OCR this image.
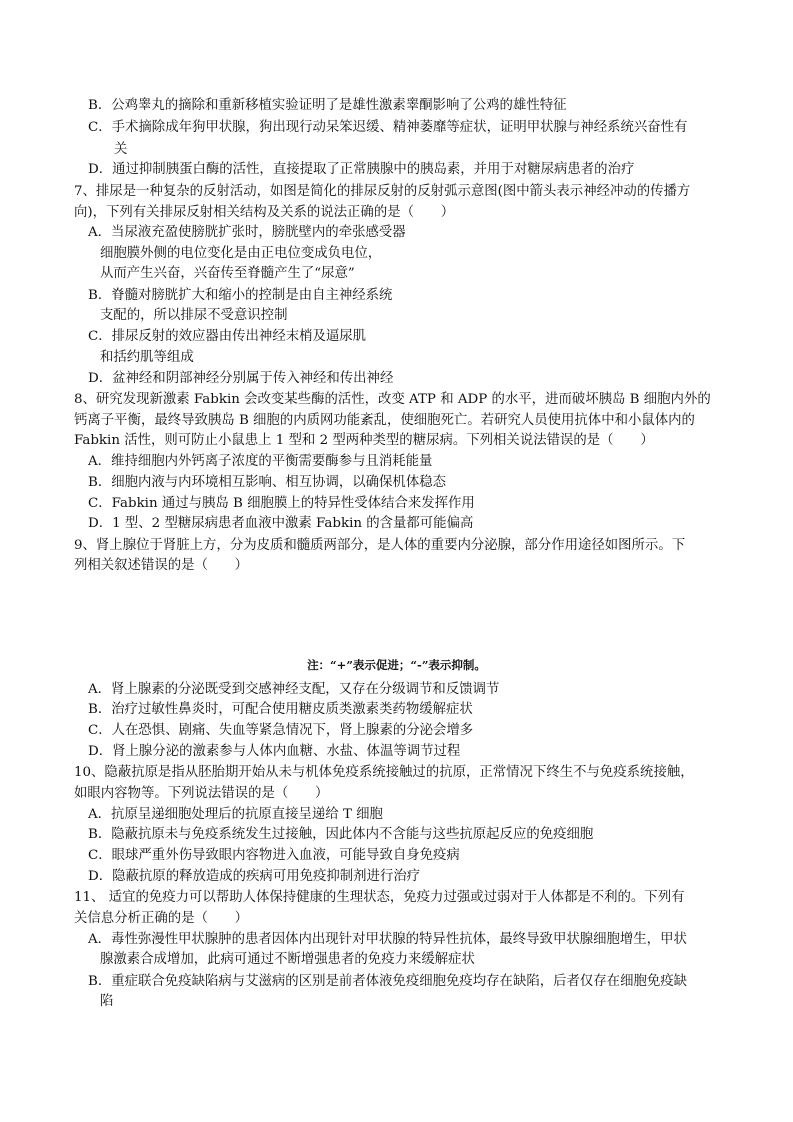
B．公鸡睾丸的摘除和重新移植实验证明了是雄性激素睾酮影响了公鸡的雄性特征
C．手术摘除成年狗甲状腺，狗出现行动呆笨迟缓、精神萎靡等症状，证明甲状腺与神经系统兴奋性有
关
D．通过抑制胰蛋白酶的活性，直接提取了正常胰腺中的胰岛素，并用于对糖尿病患者的治疗
7、排尿是一种复杂的反射活动，如图是简化的排尿反射的反射弧示意图(图中箭头表示神经冲动的传播方
向)，下列有关排尿反射相关结构及关系的说法正确的是（　　）
A．当尿液充盈使膀胱扩张时，膀胱壁内的牵张感受器
细胞膜外侧的电位变化是由正电位变成负电位，
从而产生兴奋，兴奋传至脊髓产生了“尿意”
B．脊髓对膀胱扩大和缩小的控制是由自主神经系统
支配的，所以排尿不受意识控制
C．排尿反射的效应器由传出神经末梢及逼尿肌
和括约肌等组成
D．盆神经和阴部神经分别属于传入神经和传出神经
8、研究发现新激素 Fabkin 会改变某些酶的活性，改变 ATP 和 ADP 的水平，进而破坏胰岛 B 细胞内外的
钙离子平衡，最终导致胰岛 B 细胞的内质网功能紊乱，使细胞死亡。若研究人员使用抗体中和小鼠体内的
Fabkin 活性，则可防止小鼠患上 1 型和 2 型两种类型的糖尿病。下列相关说法错误的是（　　）
A．维持细胞内外钙离子浓度的平衡需要酶参与且消耗能量
B．细胞内液与内环境相互影响、相互协调，以确保机体稳态
C．Fabkin 通过与胰岛 B 细胞膜上的特异性受体结合来发挥作用
D．1 型、2 型糖尿病患者血液中激素 Fabkin 的含量都可能偏高
9、肾上腺位于肾脏上方，分为皮质和髓质两部分，是人体的重要内分泌腺，部分作用途径如图所示。下
列相关叙述错误的是（　　）
A．肾上腺素的分泌既受到交感神经支配，又存在分级调节和反馈调节
B．治疗过敏性鼻炎时，可配合使用糖皮质类激素类药物缓解症状
C．人在恐惧、剧痛、失血等紧急情况下，肾上腺素的分泌会增多
D．肾上腺分泌的激素参与人体内血糖、水盐、体温等调节过程
10、隐蔽抗原是指从胚胎期开始从未与机体免疫系统接触过的抗原，正常情况下终生不与免疫系统接触，
如眼内容物等。下列说法错误的是（　　）
A．抗原呈递细胞处理后的抗原直接呈递给 T 细胞
B．隐蔽抗原未与免疫系统发生过接触，因此体内不含能与这些抗原起反应的免疫细胞
C．眼球严重外伤导致眼内容物进入血液，可能导致自身免疫病
D．隐蔽抗原的释放造成的疾病可用免疫抑制剂进行治疗
11、 适宜的免疫力可以帮助人体保持健康的生理状态，免疫力过强或过弱对于人体都是不利的。下列有
关信息分析正确的是（　　）
A．毒性弥漫性甲状腺肿的患者因体内出现针对甲状腺的特异性抗体，最终导致甲状腺细胞增生，甲状
腺激素合成增加，此病可通过不断增强患者的免疫力来缓解症状
B．重症联合免疫缺陷病与艾滋病的区别是前者体液免疫细胞免疫均存在缺陷，后者仅存在细胞免疫缺
陷
注：“+”表示促进；“-”表示抑制。
